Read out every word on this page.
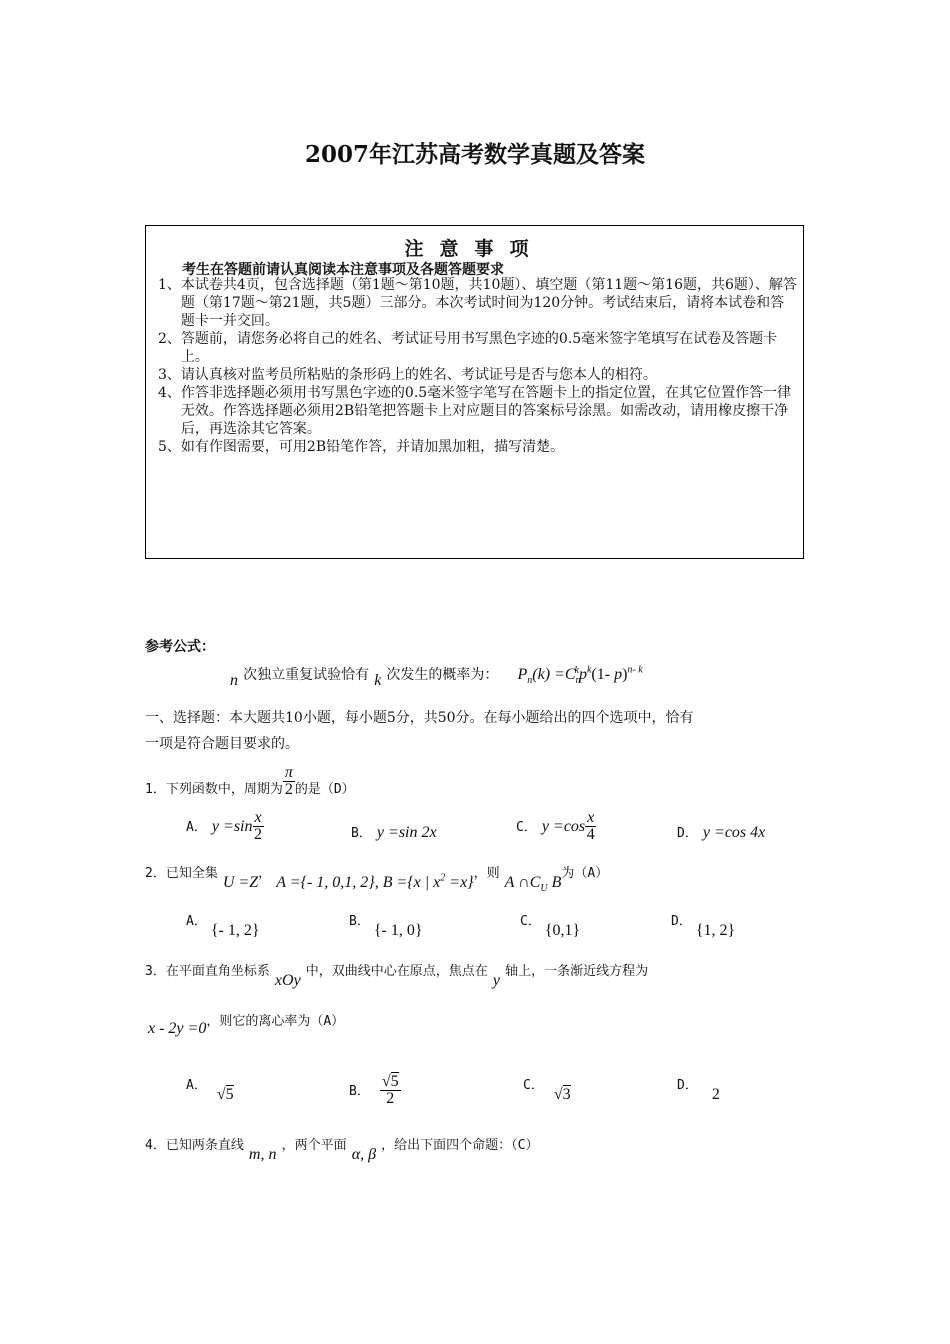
2007年江苏高考数学真题及答案
注意事项
考生在答题前请认真阅读本注意事项及各题答题要求
1、 本试卷共4页，包含选择题（第1题～第10题，共10题）、填空题（第11题～第16题，共6题）、解答题（第17题～第21题，共5题）三部分。本次考试时间为120分钟。考试结束后，请将本试卷和答题卡一并交回。
2、 答题前，请您务必将自己的姓名、考试证号用书写黑色字迹的0.5毫米签字笔填写在试卷及答题卡上。
3、 请认真核对监考员所粘贴的条形码上的姓名、考试证号是否与您本人的相符。
4、 作答非选择题必须用书写黑色字迹的0.5毫米签字笔写在答题卡上的指定位置，在其它位置作答一律无效。作答选择题必须用2B铅笔把答题卡上对应题目的答案标号涂黑。如需改动，请用橡皮擦干净后，再选涂其它答案。
5、 如有作图需要，可用2B铅笔作答，并请加黑加粗，描写清楚。
参考公式：
n 次独立重复试验恰有 k 次发生的概率为： $P_n(k) =C_n^kp^k(1-$ p)$^{n- k}$
一、选择题：本大题共10小题，每小题5分，共50分。在每小题给出的四个选项中，恰有
一项是符合题目要求的。
1．下列函数中，周期为 $\frac{\pi}{2}$ 的是（D）
A． $y =\sin \frac{x}{2}$	B． y =sin 2x	C． $y =\cos \frac{x}{4}$	D． y =cos 4x
2．已知全集 U =Z， A ={- 1, 0,1, 2}, B ={x | $x^2 =x$}，则 A $\cap C_U$ B为（A）
A．{- 1, 2}
B．{- 1, 0}
C．{0,1}
D．{1, 2}
3．在平面直角坐标系 xOy 中，双曲线中心在原点，焦点在 y 轴上，一条渐近线方程为
x - 2y =0，则它的离心率为（A）
A．√5	B． $\frac{√5}{2}$	C．√3
D．2
4．已知两条直线 m, n ，两个平面 α, β ，给出下面四个命题：（C）
